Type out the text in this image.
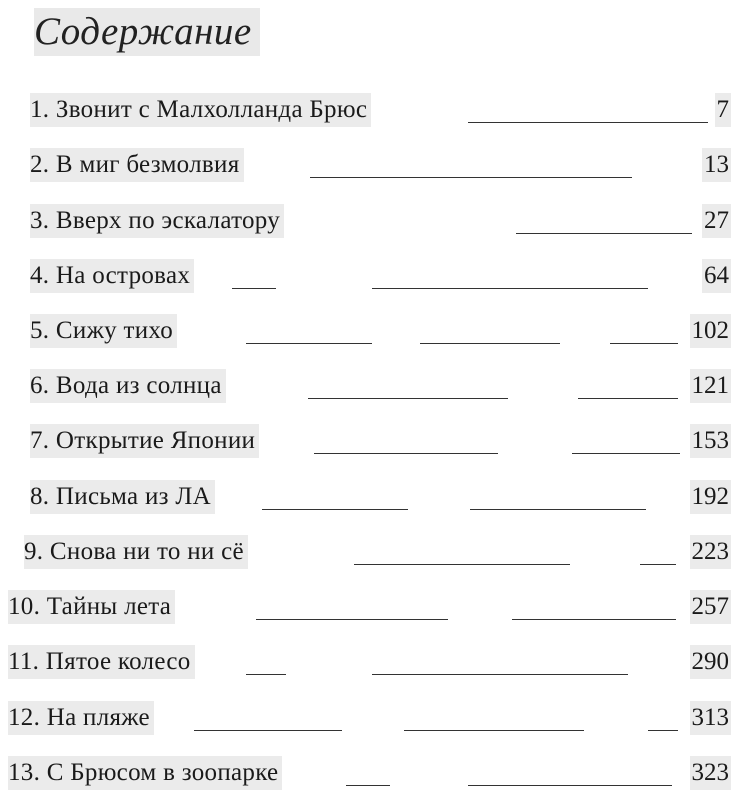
Содержание
1. Звонит с Малхолланда Брюс	7
2. В миг безмолвия	13
3. Вверх по эскалатору	27
4. На островах	64
5. Сижу тихо	102
6. Вода из солнца	121
7. Открытие Японии	153
8. Письма из ЛА	192
9. Снова ни то ни сё	223
10. Тайны лета	257
11. Пятое колесо	290
12. На пляже	313
13. С Брюсом в зоопарке	323
